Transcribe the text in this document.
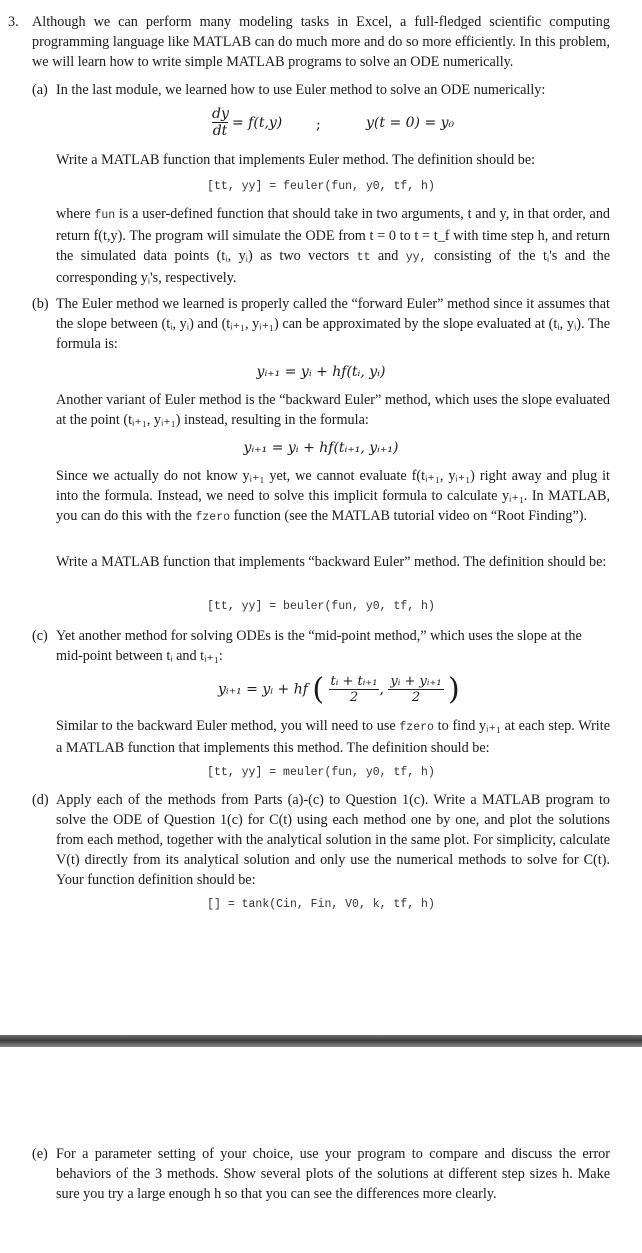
3. Although we can perform many modeling tasks in Excel, a full-fledged scientific computing programming language like MATLAB can do much more and do so more efficiently. In this problem, we will learn how to write simple MATLAB programs to solve an ODE numerically.

(a) In the last module, we learned how to use Euler method to solve an ODE numerically:

dy
dt = f(t,y) ;	y(t = 0) = y₀

Write a MATLAB function that implements Euler method. The definition should be:

[tt, yy] = feuler(fun, y0, tf, h)

where fun is a user-defined function that should take in two arguments, t and y, in that order, and return f(t,y). The program will simulate the ODE from t = 0 to t = t_f with time step h, and return the simulated data points (tᵢ, yᵢ) as two vectors tt and yy, consisting of the tᵢ's and the corresponding yᵢ's, respectively.

(b) The Euler method we learned is properly called the “forward Euler” method since it assumes that the slope between (tᵢ, yᵢ) and (tᵢ₊₁, yᵢ₊₁) can be approximated by the slope evaluated at (tᵢ, yᵢ). The formula is:

yᵢ₊₁ = yᵢ + hf(tᵢ, yᵢ)

Another variant of Euler method is the “backward Euler” method, which uses the slope evaluated at the point (tᵢ₊₁, yᵢ₊₁) instead, resulting in the formula:

yᵢ₊₁ = yᵢ + hf(tᵢ₊₁, yᵢ₊₁)

Since we actually do not know yᵢ₊₁ yet, we cannot evaluate f(tᵢ₊₁, yᵢ₊₁) right away and plug it into the formula. Instead, we need to solve this implicit formula to calculate yᵢ₊₁. In MATLAB, you can do this with the fzero function (see the MATLAB tutorial video on “Root Finding”).

Write a MATLAB function that implements “backward Euler” method. The definition should be:

[tt, yy] = beuler(fun, y0, tf, h)
(c) Yet another method for solving ODEs is the “mid-point method,” which uses the slope at the mid-point between tᵢ and tᵢ₊₁:

yᵢ₊₁ = yᵢ + hf ( $\frac{\text{tᵢ + tᵢ₊₁}}{2}$ , $\frac{\text{yᵢ + yᵢ₊₁}}{2}$ )

Similar to the backward Euler method, you will need to use fzero to find yᵢ₊₁ at each step. Write a MATLAB function that implements this method. The definition should be:

[tt, yy] = meuler(fun, y0, tf, h)
(d) Apply each of the methods from Parts (a)-(c) to Question 1(c). Write a MATLAB program to solve the ODE of Question 1(c) for C(t) using each method one by one, and plot the solutions from each method, together with the analytical solution in the same plot. For simplicity, calculate V(t) directly from its analytical solution and only use the numerical methods to solve for C(t). Your function definition should be:

[] = tank(Cin, Fin, V0, k, tf, h)
(e) For a parameter setting of your choice, use your program to compare and discuss the error behaviors of the 3 methods. Show several plots of the solutions at different step sizes h. Make sure you try a large enough h so that you can see the differences more clearly.
